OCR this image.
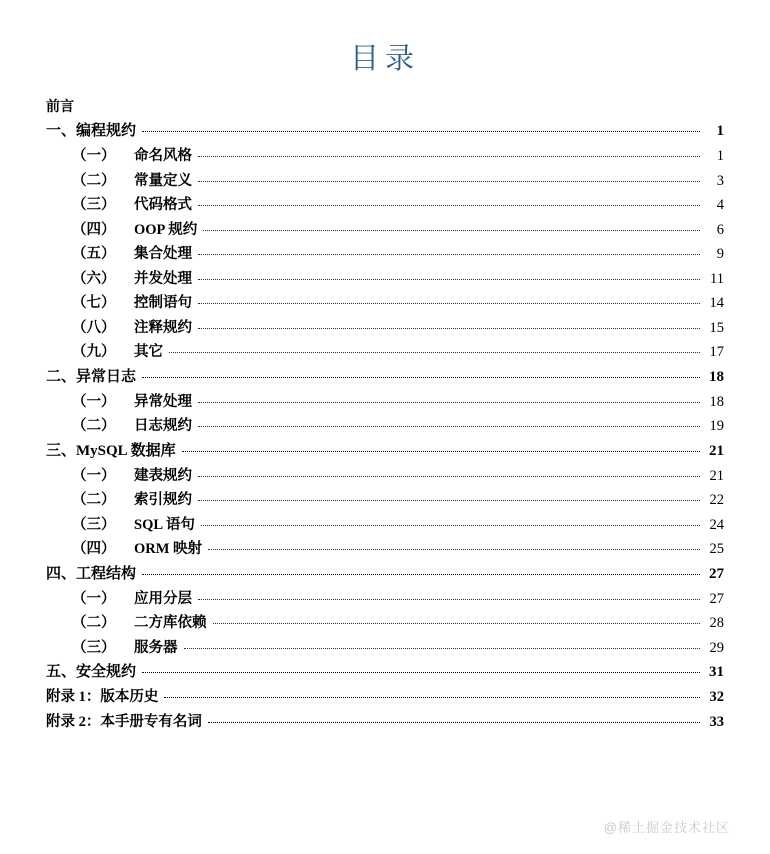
目录
前言
一、 编程规约	1
（一）	命名风格	1
（二）	常量定义	3
（三）	代码格式	4
（四）	OOP 规约	6
（五）	集合处理	9
（六）	并发处理	11
（七）	控制语句	14
（八）	注释规约	15
（九）	其它	17
二、 异常日志	18
（一）	异常处理	18
（二）	日志规约	19
三、 MySQL 数据库	21
（一）	建表规约	21
（二）	索引规约	22
（三）	SQL 语句	24
（四）	ORM 映射	25
四、 工程结构	27
（一）	应用分层	27
（二）	二方库依赖	28
（三）	服务器	29
五、 安全规约	31
附录 1：版本历史	32
附录 2：本手册专有名词	33
@稀土掘金技术社区
